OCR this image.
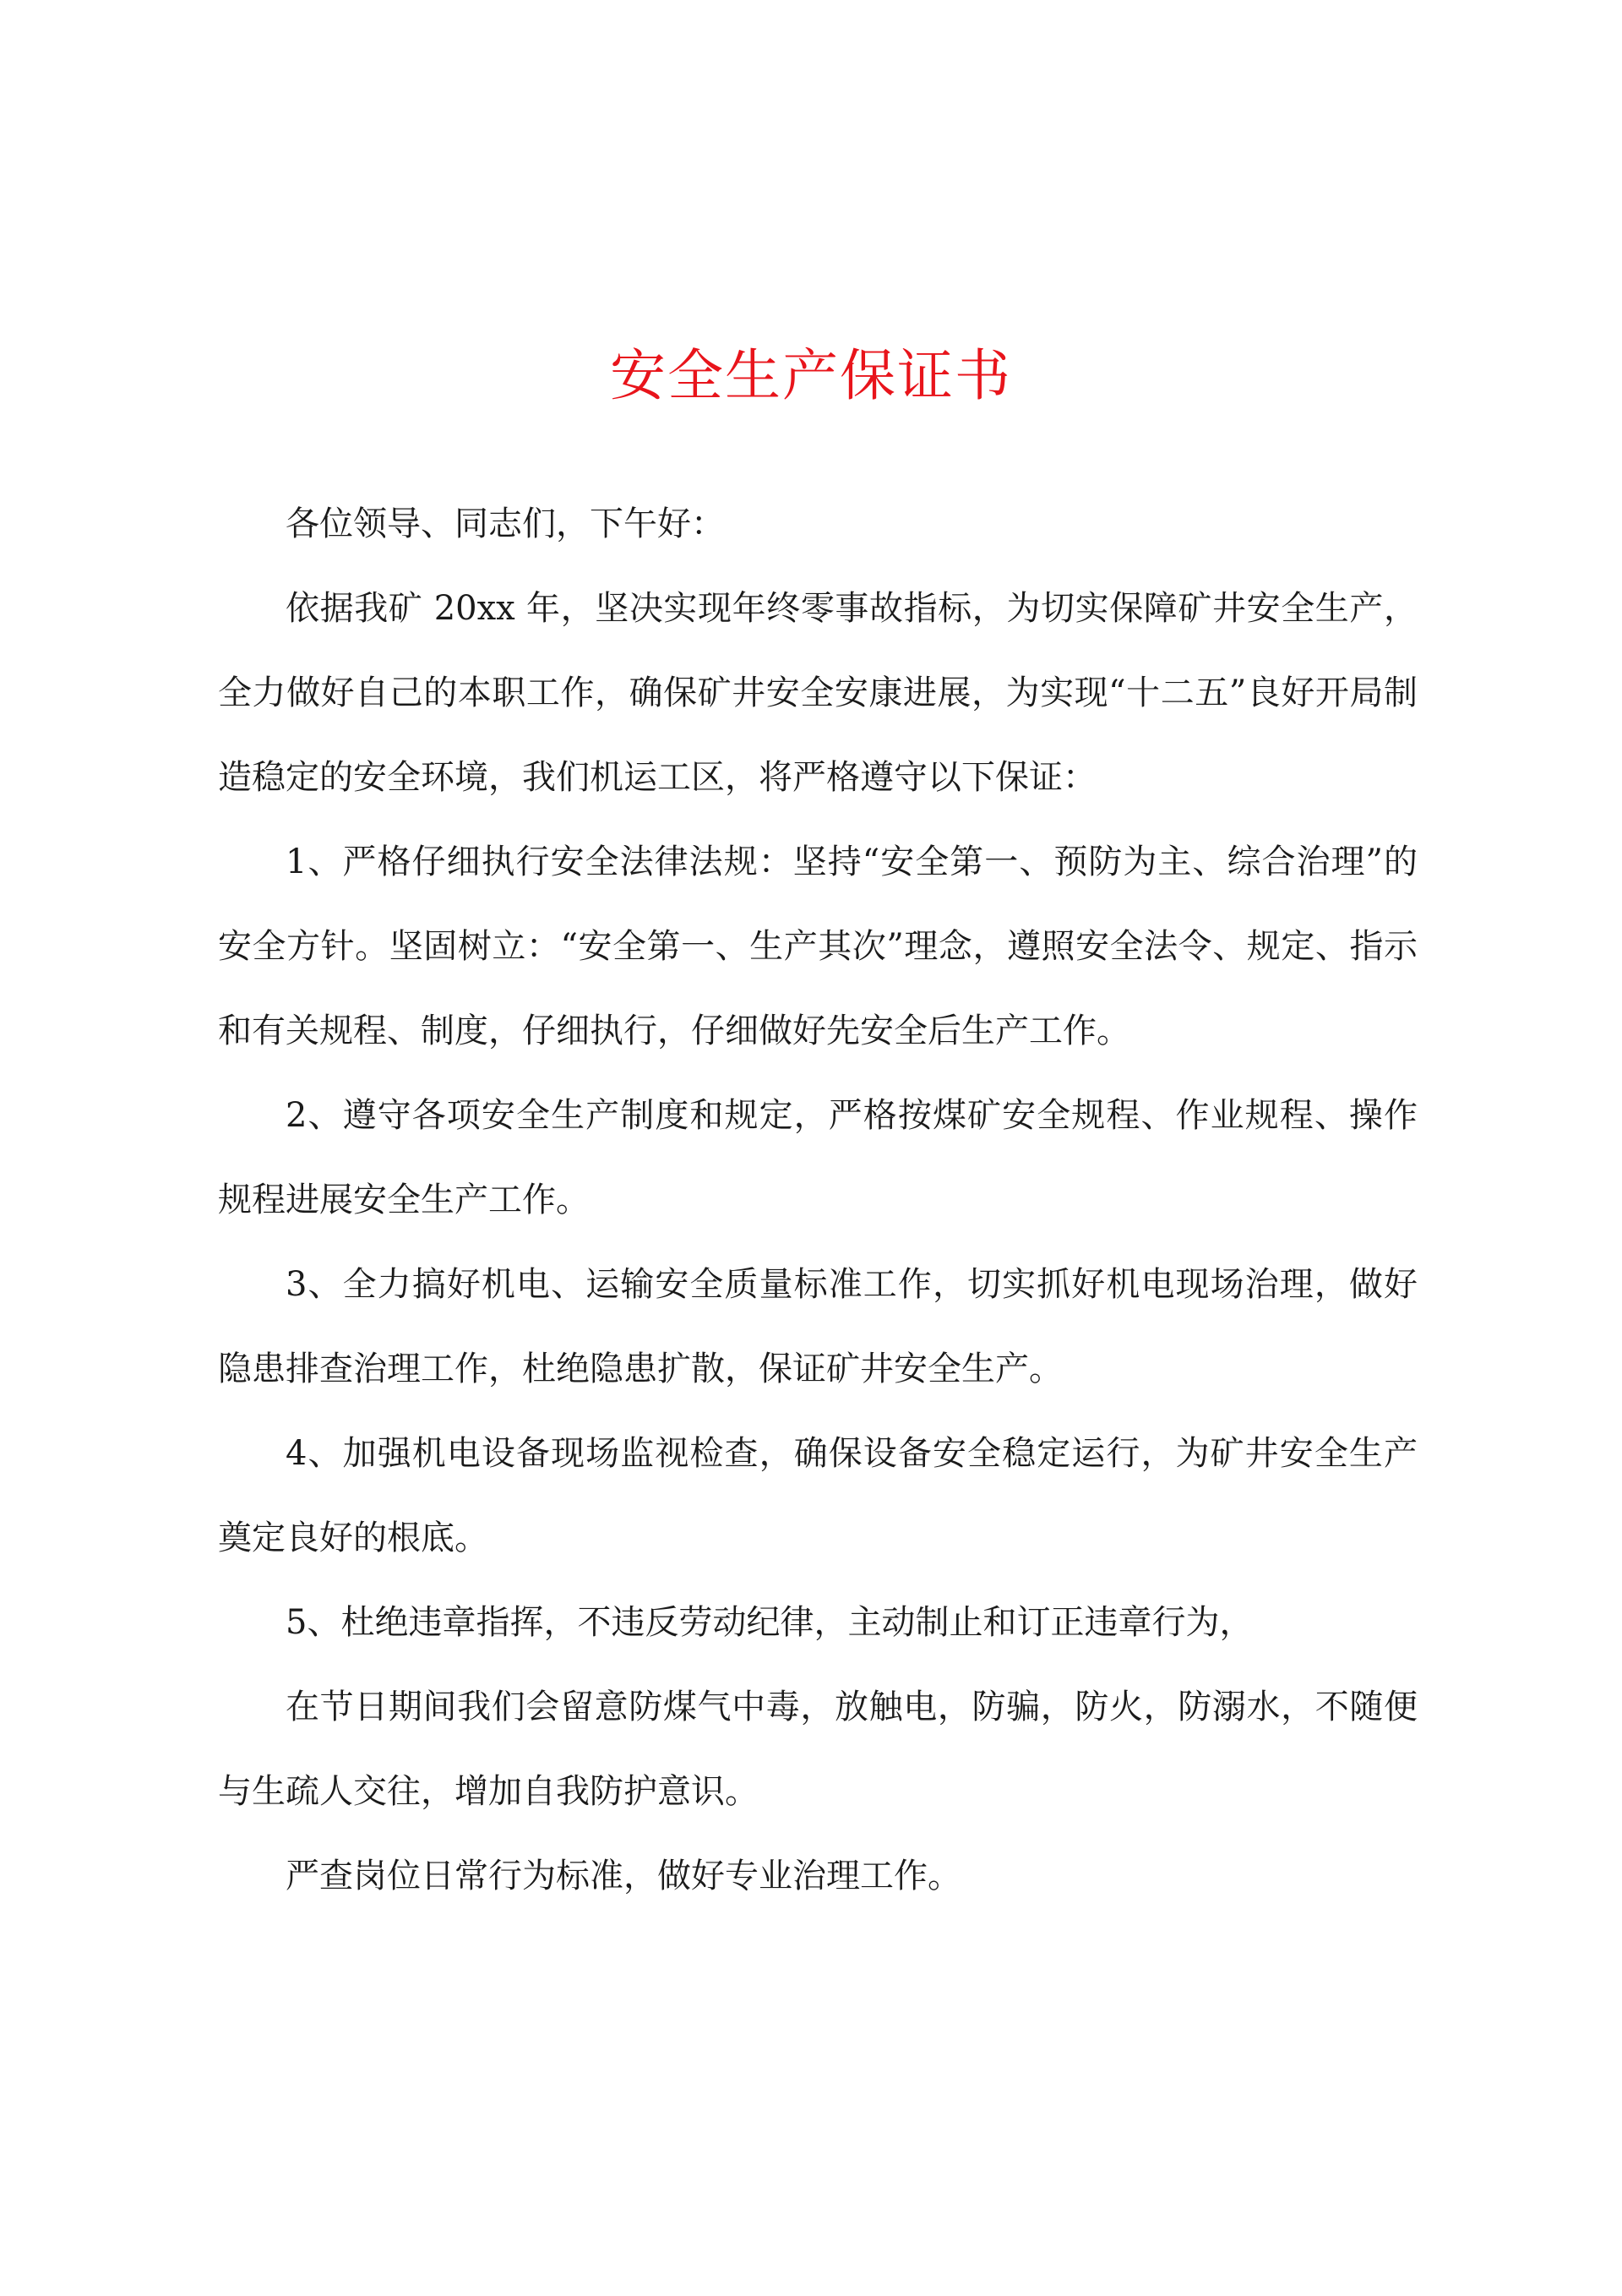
安全生产保证书

各位领导、同志们，下午好：

依据我矿 20xx 年，坚决实现年终零事故指标，为切实保障矿井安全生产，全力做好自己的本职工作，确保矿井安全安康进展，为实现“十二五”良好开局制造稳定的安全环境，我们机运工区，将严格遵守以下保证：

1、严格仔细执行安全法律法规：坚持“安全第一、预防为主、综合治理”的安全方针。坚固树立：“安全第一、生产其次”理念，遵照安全法令、规定、指示和有关规程、制度，仔细执行，仔细做好先安全后生产工作。

2、遵守各项安全生产制度和规定，严格按煤矿安全规程、作业规程、操作规程进展安全生产工作。

3、全力搞好机电、运输安全质量标准工作，切实抓好机电现场治理，做好隐患排查治理工作，杜绝隐患扩散，保证矿井安全生产。

4、加强机电设备现场监视检查，确保设备安全稳定运行，为矿井安全生产奠定良好的根底。

5、杜绝违章指挥，不违反劳动纪律，主动制止和订正违章行为，

在节日期间我们会留意防煤气中毒，放触电，防骗，防火，防溺水，不随便与生疏人交往，增加自我防护意识。

严查岗位日常行为标准，做好专业治理工作。
